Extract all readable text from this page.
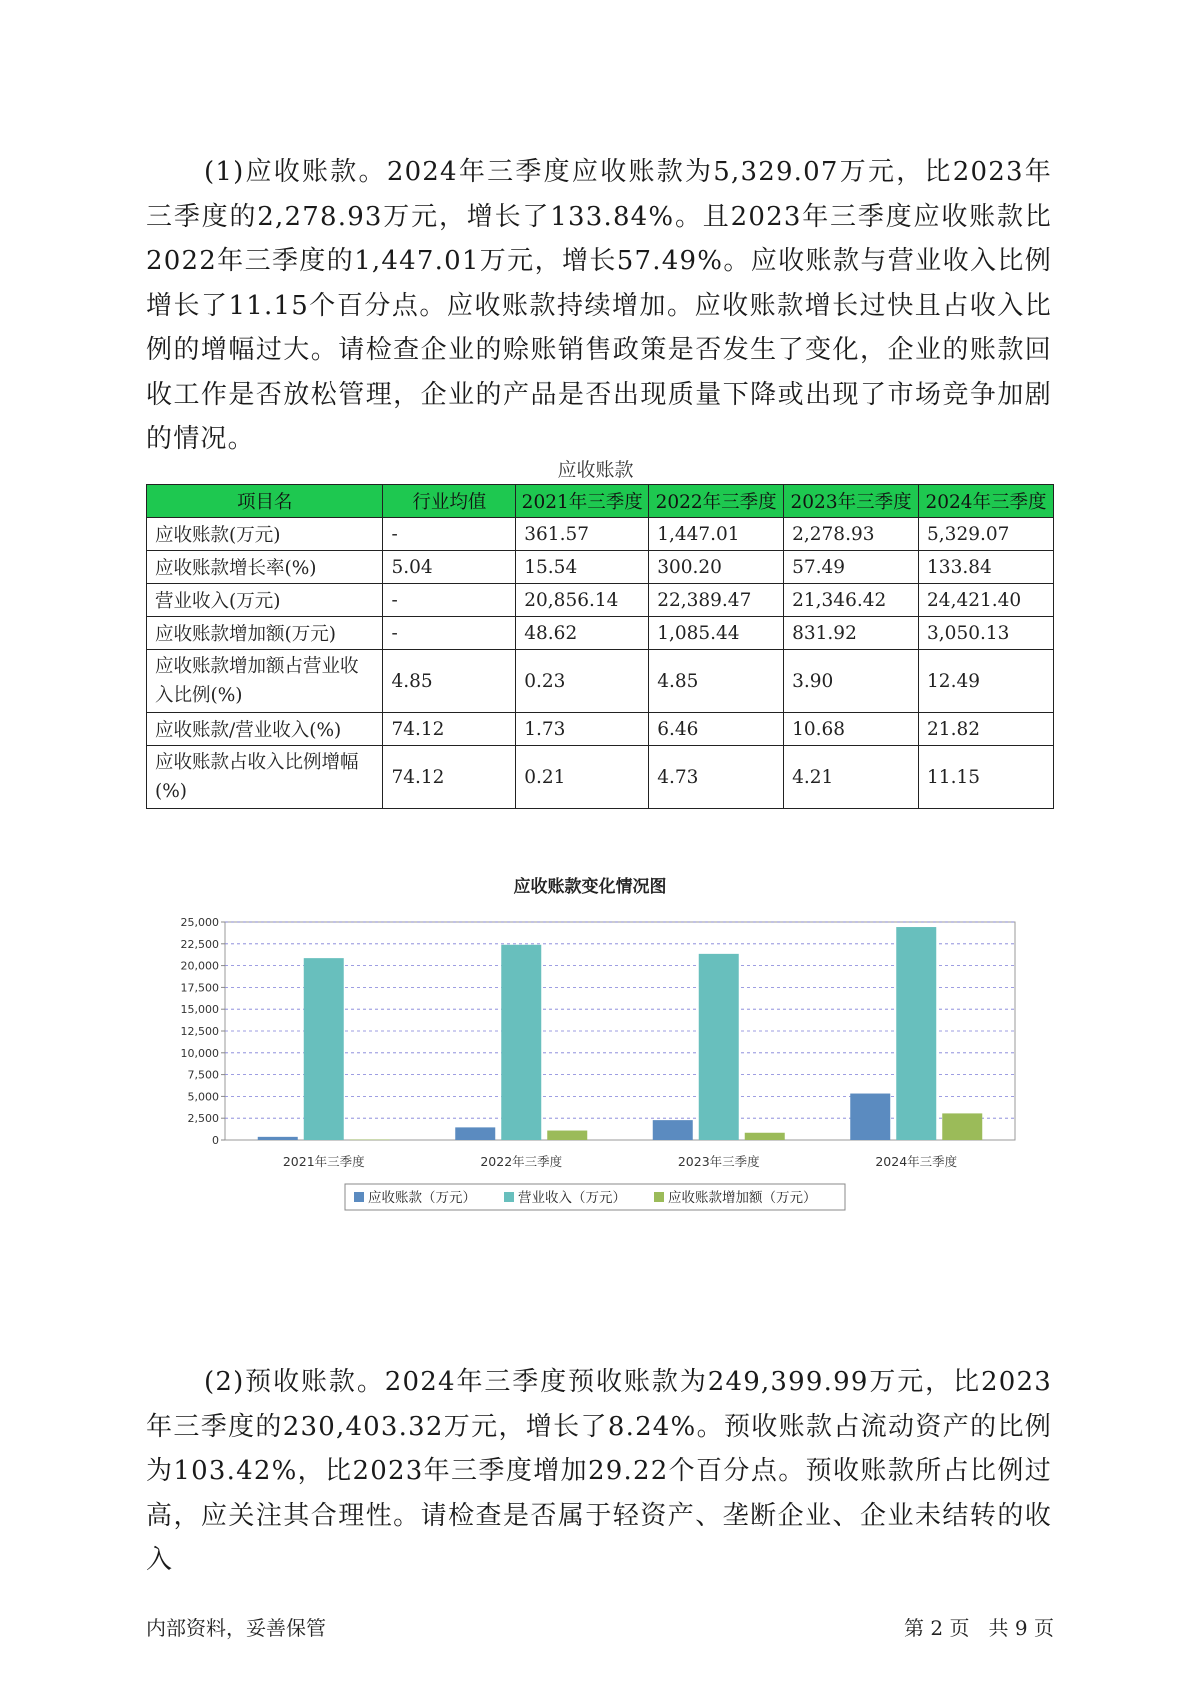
(1)应收账款。2024年三季度应收账款为5,329.07万元，比2023年三季度的2,278.93万元，增长了133.84%。且2023年三季度应收账款比2022年三季度的1,447.01万元，增长57.49%。应收账款与营业收入比例增长了11.15个百分点。应收账款持续增加。应收账款增长过快且占收入比例的增幅过大。请检查企业的赊账销售政策是否发生了变化，企业的账款回收工作是否放松管理，企业的产品是否出现质量下降或出现了市场竞争加剧的情况。

应收账款
项目名	行业均值	2021年三季度	2022年三季度	2023年三季度	2024年三季度
应收账款(万元)	-	361.57	1,447.01	2,278.93	5,329.07
应收账款增长率(%)	5.04	15.54	300.20	57.49	133.84
营业收入(万元)	-	20,856.14	22,389.47	21,346.42	24,421.40
应收账款增加额(万元)	-	48.62	1,085.44	831.92	3,050.13
应收账款增加额占营业收入比例(%)	4.85	0.23	4.85	3.90	12.49
应收账款/营业收入(%)	74.12	1.73	6.46	10.68	21.82
应收账款占收入比例增幅(%)	74.12	0.21	4.73	4.21	11.15
应收账款变化情况图
0
2,500
5,000
7,500
10,000
12,500
15,000
17,500
20,000
22,500
25,000
2021年三季度	2022年三季度	2023年三季度	2024年三季度
应收账款（万元）	营业收入（万元）	应收账款增加额（万元）

(2)预收账款。2024年三季度预收账款为249,399.99万元，比2023年三季度的230,403.32万元，增长了8.24%。预收账款占流动资产的比例为103.42%，比2023年三季度增加29.22个百分点。预收账款所占比例过高，应关注其合理性。请检查是否属于轻资产、垄断企业、企业未结转的收入

内部资料，妥善保管	第 2 页   共 9 页
